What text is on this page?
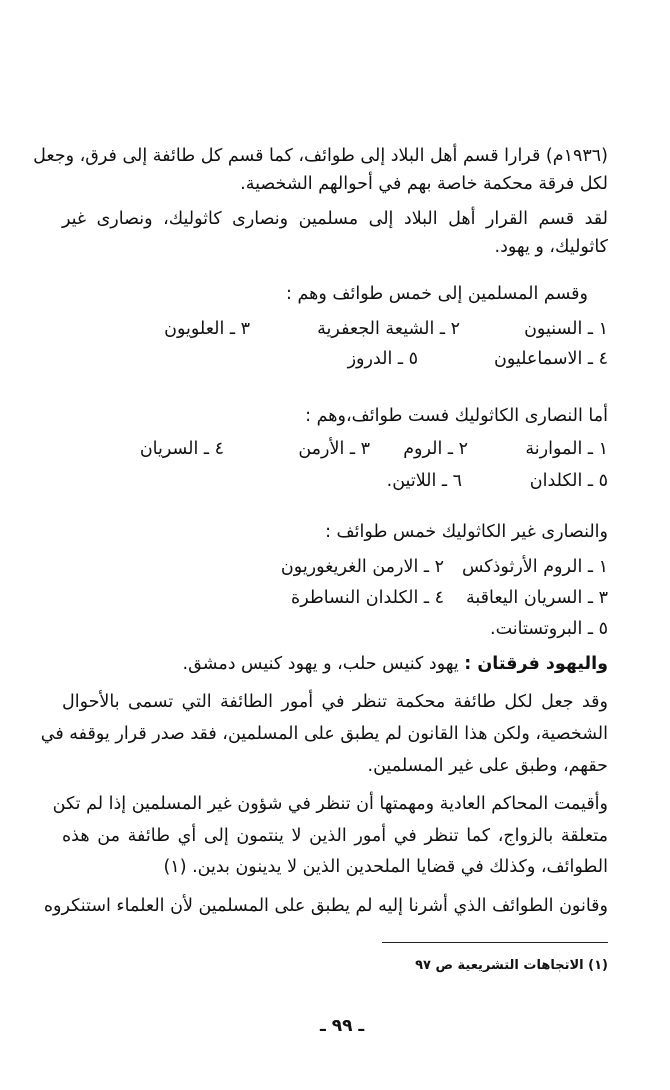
(١٩٣٦م) قرارا قسم أهل البلاد إلى طوائف، كما قسم كل طائفة إلى فرق، وجعل
لكل فرقة محكمة خاصة بهم في أحوالهم الشخصية.
لقد قسم القرار أهل البلاد إلى مسلمين ونصارى كاثوليك، ونصارى غير
كاثوليك، و يهود.
وقسم المسلمين إلى خمس طوائف وهم :
١ ـ السنيون
٢ ـ الشيعة الجعفرية
٣ ـ العلويون
٤ ـ الاسماعليون
٥ ـ الدروز
أما النصارى الكاثوليك فست طوائف،وهم :
١ ـ الموارنة
٢ ـ الروم
٣ ـ الأرمن
٤ ـ السريان
٥ ـ الكلدان
٦ ـ اللاتين.
والنصارى غير الكاثوليك خمس طوائف :
١ ـ الروم الأرثوذكس
٢ ـ الارمن الغريغوريون
٣ ـ السريان اليعاقبة
٤ ـ الكلدان النساطرة
٥ ـ البروتستانت.
واليهود فرقتان : يهود كنيس حلب، و يهود كنيس دمشق.
وقد جعل لكل طائفة محكمة تنظر في أمور الطائفة التي تسمى بالأحوال
الشخصية، ولكن هذا القانون لم يطبق على المسلمين، فقد صدر قرار يوقفه في
حقهم، وطبق على غير المسلمين.
وأقيمت المحاكم العادية ومهمتها أن تنظر في شؤون غير المسلمين إذا لم تكن
متعلقة بالزواج، كما تنظر في أمور الذين لا ينتمون إلى أي طائفة من هذه
الطوائف، وكذلك في قضايا الملحدين الذين لا يدينون بدين. (١)
وقانون الطوائف الذي أشرنا إليه لم يطبق على المسلمين لأن العلماء استنكروه
(١) الاتجاهات التشريعية ص ٩٧
ـ ٩٩ ـ
